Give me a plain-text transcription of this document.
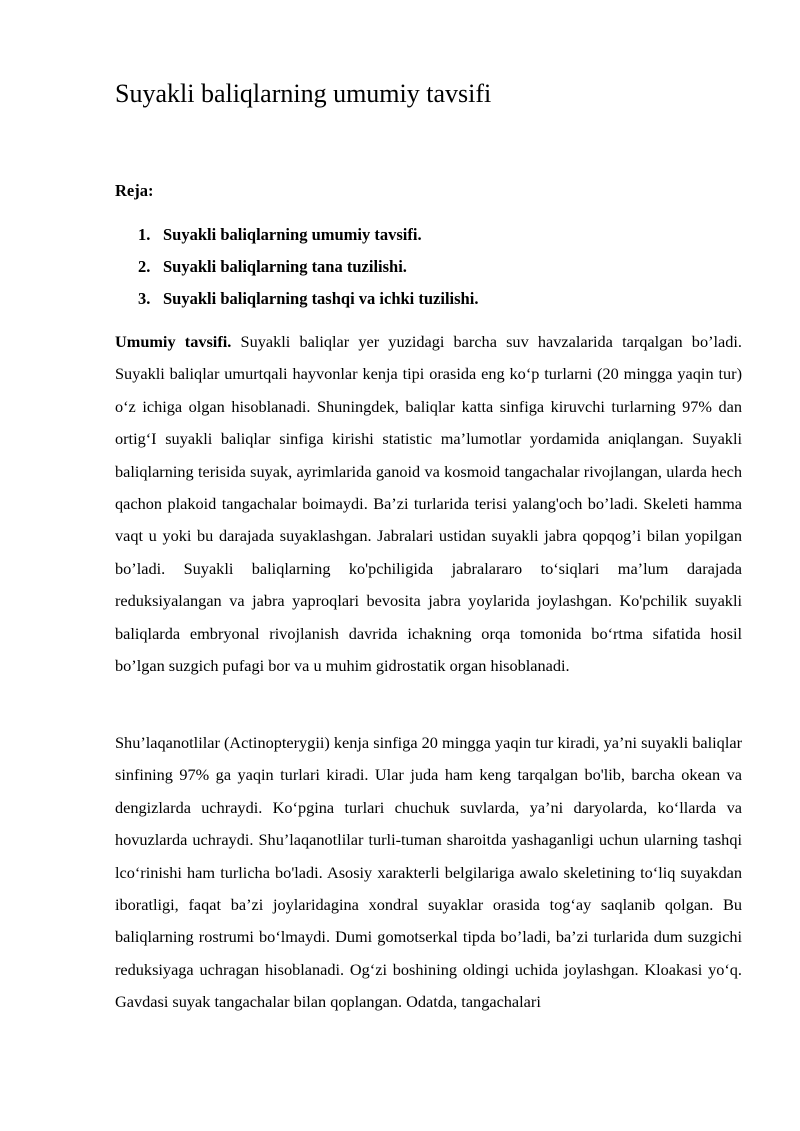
Suyakli baliqlarning umumiy tavsifi
Reja:
1. Suyakli baliqlarning umumiy tavsifi.
2. Suyakli baliqlarning tana tuzilishi.
3. Suyakli baliqlarning tashqi va ichki tuzilishi.

Umumiy tavsifi. Suyakli baliqlar yer yuzidagi barcha suv havzalarida tarqalgan bo’ladi. Suyakli baliqlar umurtqali hayvonlar kenja tipi orasida eng ko‘p turlarni (20 mingga yaqin tur) o‘z ichiga olgan hisoblanadi. Shuningdek, baliqlar katta sinfiga kiruvchi turlarning 97% dan ortig‘I suyakli baliqlar sinfiga kirishi statistic ma’lumotlar yordamida aniqlangan. Suyakli baliqlarning terisida suyak, ayrimlarida ganoid va kosmoid tangachalar rivojlangan, ularda hech qachon plakoid tangachalar boimaydi. Ba’zi turlarida terisi yalang'och bo’ladi. Skeleti hamma vaqt u yoki bu darajada suyaklashgan. Jabralari ustidan suyakli jabra qopqog’i bilan yopilgan bo’ladi. Suyakli baliqlarning ko'pchiligida jabralararo to‘siqlari ma’lum darajada reduksiyalangan va jabra yaproqlari bevosita jabra yoylarida joylashgan. Ko'pchilik suyakli baliqlarda embryonal rivojlanish davrida ichakning orqa tomonida bo‘rtma sifatida hosil bo’lgan suzgich pufagi bor va u muhim gidrostatik organ hisoblanadi.

Shu’laqanotlilar (Actinopterygii) kenja sinfiga 20 mingga yaqin tur kiradi, ya’ni suyakli baliqlar sinfining 97% ga yaqin turlari kiradi. Ular juda ham keng tarqalgan bo'lib, barcha okean va dengizlarda uchraydi. Ko‘pgina turlari chuchuk suvlarda, ya’ni daryolarda, ko‘llarda va hovuzlarda uchraydi. Shu’laqanotlilar turli-tuman sharoitda yashaganligi uchun ularning tashqi lco‘rinishi ham turlicha bo'ladi. Asosiy xarakterli belgilariga awalo skeletining to‘liq suyakdan iboratligi, faqat ba’zi joylaridagina xondral suyaklar orasida tog‘ay saqlanib qolgan. Bu baliqlarning rostrumi bo‘lmaydi. Dumi gomotserkal tipda bo’ladi, ba’zi turlarida dum suzgichi reduksiyaga uchragan hisoblanadi. Og‘zi boshining oldingi uchida joylashgan. Kloakasi yo‘q. Gavdasi suyak tangachalar bilan qoplangan. Odatda, tangachalari
